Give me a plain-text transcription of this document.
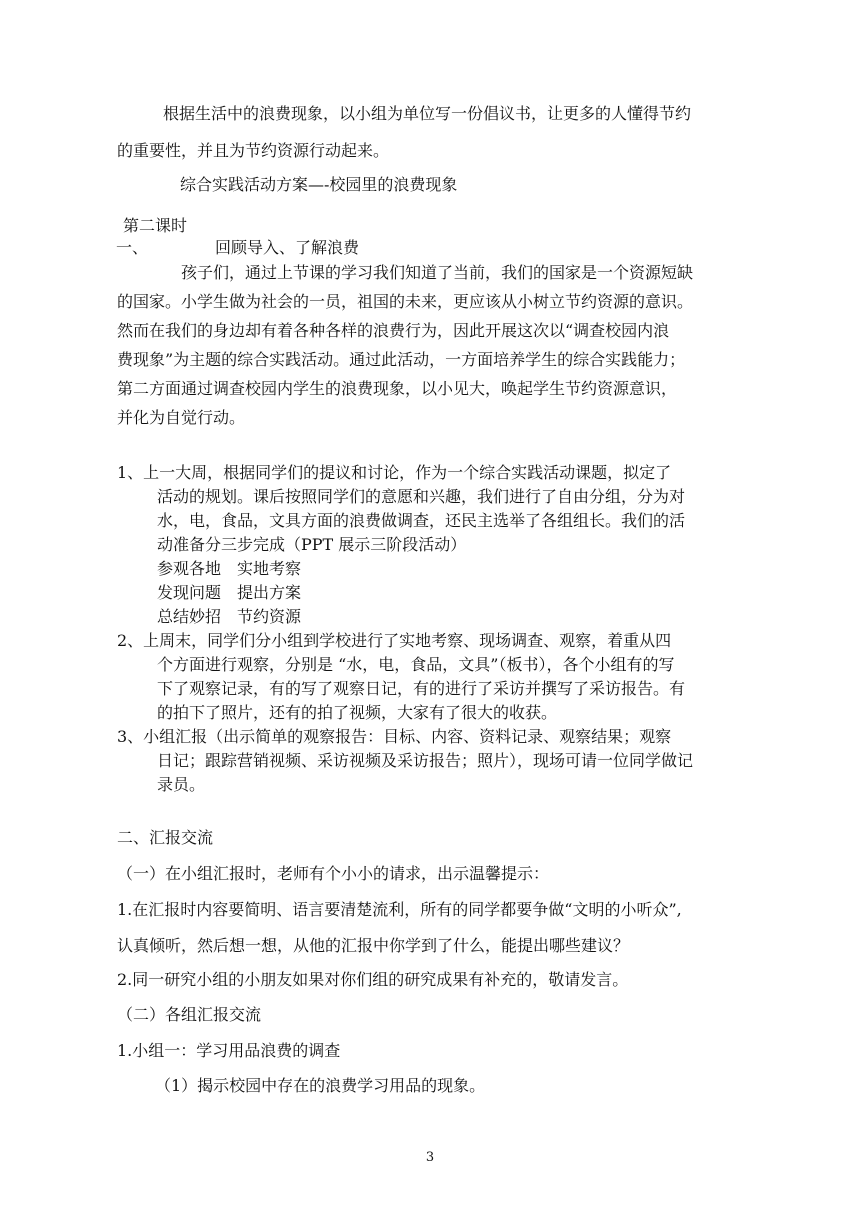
根据生活中的浪费现象，以小组为单位写一份倡议书，让更多的人懂得节约
的重要性，并且为节约资源行动起来。
综合实践活动方案—-校园里的浪费现象
第二课时
一、	回顾导入、了解浪费
孩子们，通过上节课的学习我们知道了当前，我们的国家是一个资源短缺
的国家。小学生做为社会的一员，祖国的未来，更应该从小树立节约资源的意识。
然而在我们的身边却有着各种各样的浪费行为，因此开展这次以“调查校园内浪
费现象”为主题的综合实践活动。通过此活动，一方面培养学生的综合实践能力；
第二方面通过调查校园内学生的浪费现象，以小见大，唤起学生节约资源意识，
并化为自觉行动。
1、上一大周，根据同学们的提议和讨论，作为一个综合实践活动课题，拟定了
活动的规划。课后按照同学们的意愿和兴趣，我们进行了自由分组，分为对
水，电，食品，文具方面的浪费做调查，还民主选举了各组组长。我们的活
动准备分三步完成（PPT 展示三阶段活动）
参观各地　实地考察
发现问题　提出方案
总结妙招　节约资源
2、上周末，同学们分小组到学校进行了实地考察、现场调查、观察，着重从四
个方面进行观察，分别是 “水，电，食品，文具”（板书），各个小组有的写
下了观察记录，有的写了观察日记，有的进行了采访并撰写了采访报告。有
的拍下了照片，还有的拍了视频，大家有了很大的收获。
3、小组汇报（出示简单的观察报告：目标、内容、资料记录、观察结果；观察
日记；跟踪营销视频、采访视频及采访报告；照片），现场可请一位同学做记
录员。
二、汇报交流
（一）在小组汇报时，老师有个小小的请求，出示温馨提示：
1.在汇报时内容要简明、语言要清楚流利，所有的同学都要争做“文明的小听众”,
认真倾听，然后想一想，从他的汇报中你学到了什么，能提出哪些建议？
2.同一研究小组的小朋友如果对你们组的研究成果有补充的，敬请发言。
（二）各组汇报交流
1.小组一：学习用品浪费的调查
（1）揭示校园中存在的浪费学习用品的现象。
3
